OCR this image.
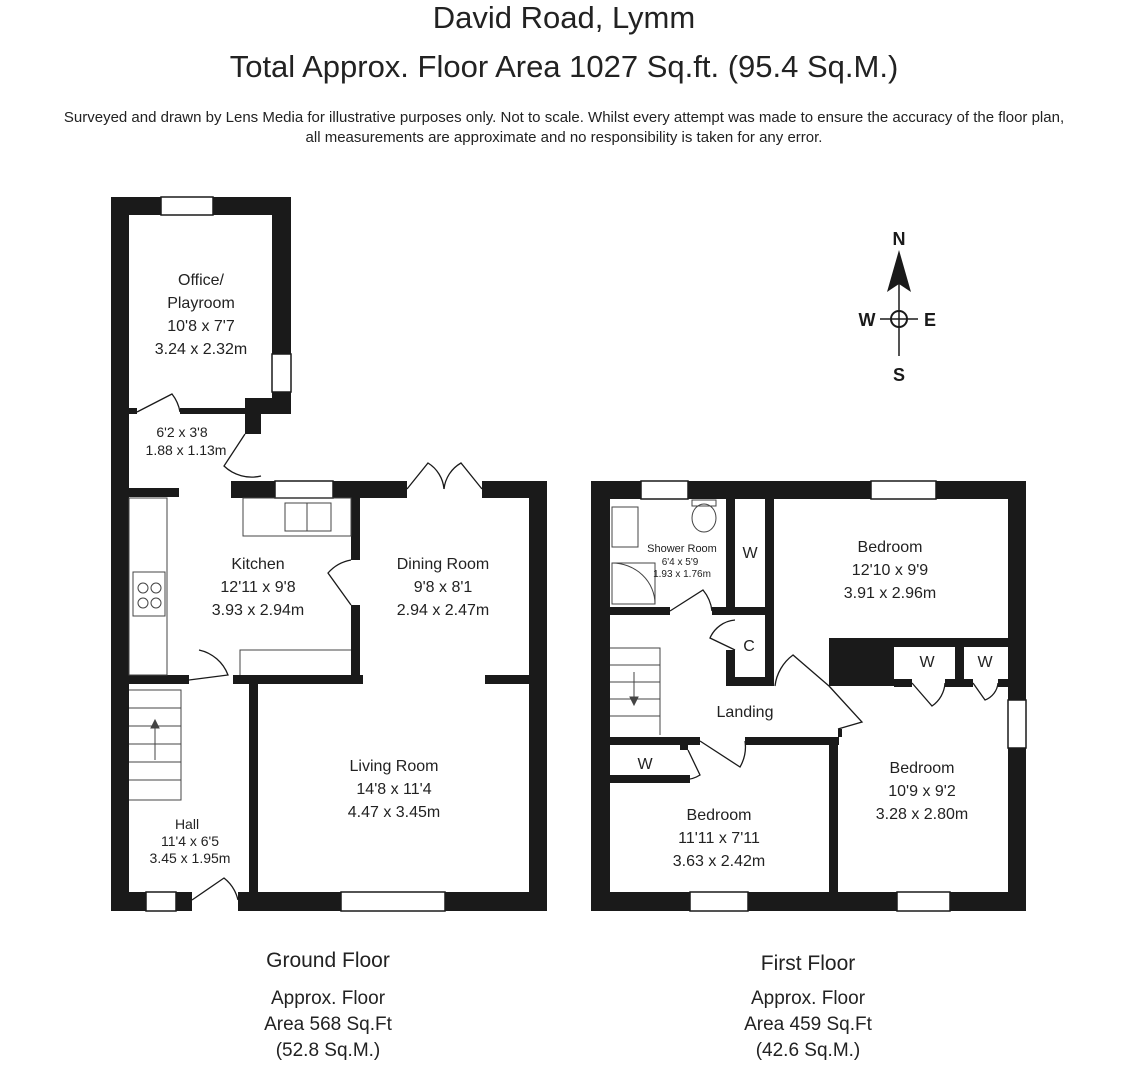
David Road, Lymm
Total Approx. Floor Area 1027 Sq.ft. (95.4 Sq.M.)
Surveyed and drawn by Lens Media for illustrative purposes only. Not to scale. Whilst every attempt was made to ensure the accuracy of the floor plan,
all measurements are approximate and no responsibility is taken for any error.
Office/
Playroom
10'8 x 7'7
3.24 x 2.32m
6'2 x 3'8
1.88 x 1.13m
Kitchen
12'11 x 9'8
3.93 x 2.94m
Dining Room
9'8 x 8'1
2.94 x 2.47m
Living Room
14'8 x 11'4
4.47 x 3.45m
Hall
11'4 x 6'5
3.45 x 1.95m
Shower Room
6'4 x 5'9
1.93 x 1.76m
W
C
W	W
W
Bedroom
12'10 x 9'9
3.91 x 2.96m
Landing
Bedroom
10'9 x 9'2
3.28 x 2.80m
Bedroom
11'11 x 7'11
3.63 x 2.42m
N
S
W	E
Ground Floor
Approx. Floor
Area 568 Sq.Ft
(52.8 Sq.M.)
First Floor
Approx. Floor
Area 459 Sq.Ft
(42.6 Sq.M.)
